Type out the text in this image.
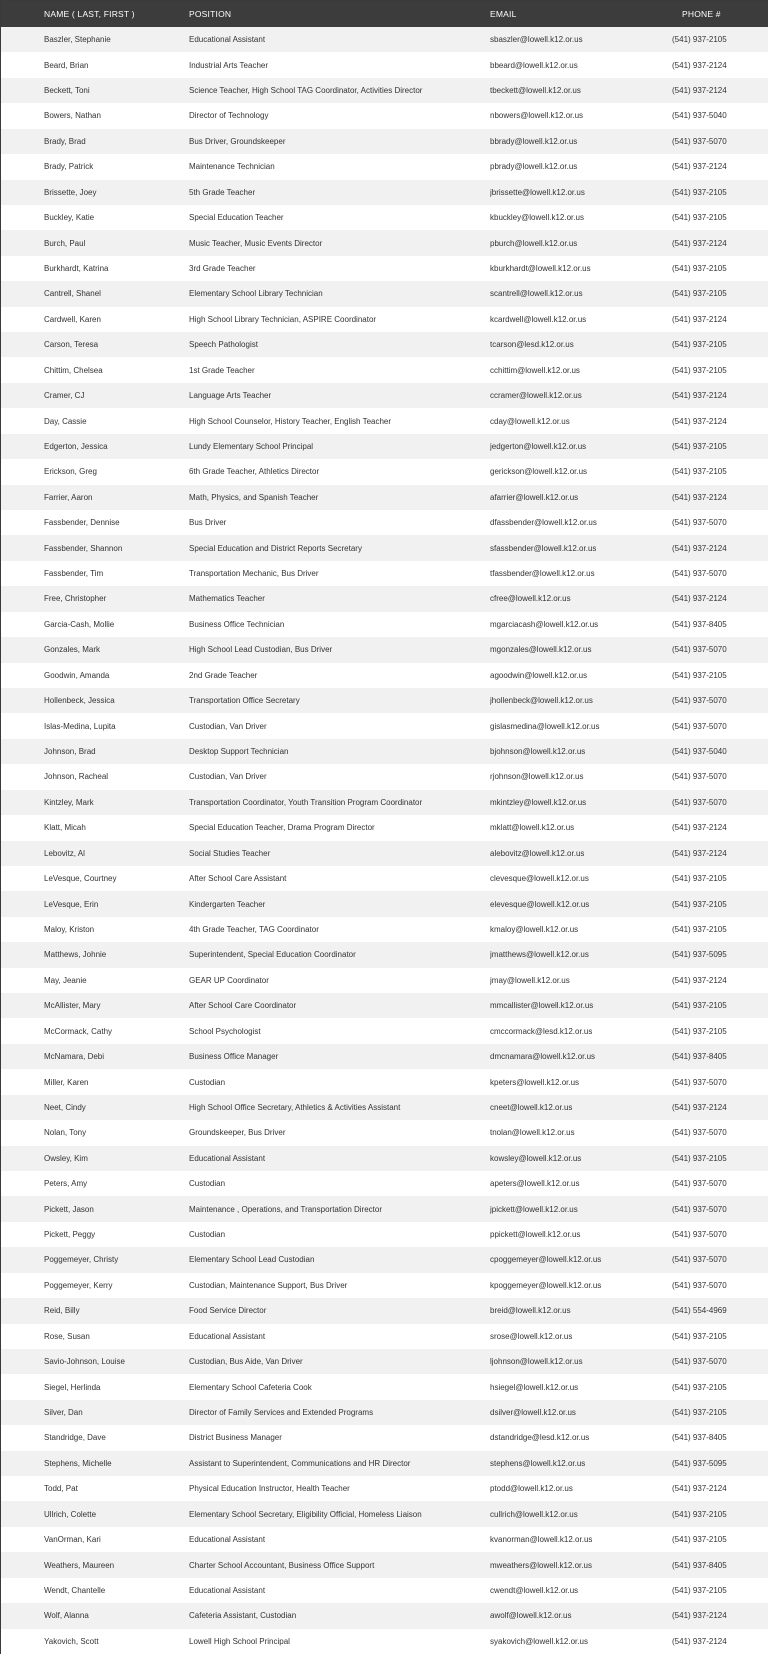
NAME ( LAST, FIRST )	POSITION	EMAIL	PHONE #
Baszler, Stephanie	Educational Assistant	sbaszler@lowell.k12.or.us	(541) 937-2105
Beard, Brian	Industrial Arts Teacher	bbeard@lowell.k12.or.us	(541) 937-2124
Beckett, Toni	Science Teacher, High School TAG Coordinator, Activities Director	tbeckett@lowell.k12.or.us	(541) 937-2124
Bowers, Nathan	Director of Technology	nbowers@lowell.k12.or.us	(541) 937-5040
Brady, Brad	Bus Driver, Groundskeeper	bbrady@lowell.k12.or.us	(541) 937-5070
Brady, Patrick	Maintenance Technician	pbrady@lowell.k12.or.us	(541) 937-2124
Brissette, Joey	5th Grade Teacher	jbrissette@lowell.k12.or.us	(541) 937-2105
Buckley, Katie	Special Education Teacher	kbuckley@lowell.k12.or.us	(541) 937-2105
Burch, Paul	Music Teacher, Music Events Director	pburch@lowell.k12.or.us	(541) 937-2124
Burkhardt, Katrina	3rd Grade Teacher	kburkhardt@lowell.k12.or.us	(541) 937-2105
Cantrell, Shanel	Elementary School Library Technician	scantrell@lowell.k12.or.us	(541) 937-2105
Cardwell, Karen	High School Library Technician, ASPIRE Coordinator	kcardwell@lowell.k12.or.us	(541) 937-2124
Carson, Teresa	Speech Pathologist	tcarson@lesd.k12.or.us	(541) 937-2105
Chittim, Chelsea	1st Grade Teacher	cchittim@lowell.k12.or.us	(541) 937-2105
Cramer, CJ	Language Arts Teacher	ccramer@lowell.k12.or.us	(541) 937-2124
Day, Cassie	High School Counselor, History Teacher, English Teacher	cday@lowell.k12.or.us	(541) 937-2124
Edgerton, Jessica	Lundy Elementary School Principal	jedgerton@lowell.k12.or.us	(541) 937-2105
Erickson, Greg	6th Grade Teacher, Athletics Director	gerickson@lowell.k12.or.us	(541) 937-2105
Farrier, Aaron	Math, Physics, and Spanish Teacher	afarrier@lowell.k12.or.us	(541) 937-2124
Fassbender, Dennise	Bus Driver	dfassbender@lowell.k12.or.us	(541) 937-5070
Fassbender, Shannon	Special Education and District Reports Secretary	sfassbender@lowell.k12.or.us	(541) 937-2124
Fassbender, Tim	Transportation Mechanic, Bus Driver	tfassbender@lowell.k12.or.us	(541) 937-5070
Free, Christopher	Mathematics Teacher	cfree@lowell.k12.or.us	(541) 937-2124
Garcia-Cash, Mollie	Business Office Technician	mgarciacash@lowell.k12.or.us	(541) 937-8405
Gonzales, Mark	High School Lead Custodian, Bus Driver	mgonzales@lowell.k12.or.us	(541) 937-5070
Goodwin, Amanda	2nd Grade Teacher	agoodwin@lowell.k12.or.us	(541) 937-2105
Hollenbeck, Jessica	Transportation Office Secretary	jhollenbeck@lowell.k12.or.us	(541) 937-5070
Islas-Medina, Lupita	Custodian, Van Driver	gislasmedina@lowell.k12.or.us	(541) 937-5070
Johnson, Brad	Desktop Support Technician	bjohnson@lowell.k12.or.us	(541) 937-5040
Johnson, Racheal	Custodian, Van Driver	rjohnson@lowell.k12.or.us	(541) 937-5070
Kintzley, Mark	Transportation Coordinator, Youth Transition Program Coordinator	mkintzley@lowell.k12.or.us	(541) 937-5070
Klatt, Micah	Special Education Teacher, Drama Program Director	mklatt@lowell.k12.or.us	(541) 937-2124
Lebovitz, Al	Social Studies Teacher	alebovitz@lowell.k12.or.us	(541) 937-2124
LeVesque, Courtney	After School Care Assistant	clevesque@lowell.k12.or.us	(541) 937-2105
LeVesque, Erin	Kindergarten Teacher	elevesque@lowell.k12.or.us	(541) 937-2105
Maloy, Kriston	4th Grade Teacher, TAG Coordinator	kmaloy@lowell.k12.or.us	(541) 937-2105
Matthews, Johnie	Superintendent, Special Education Coordinator	jmatthews@lowell.k12.or.us	(541) 937-5095
May, Jeanie	GEAR UP Coordinator	jmay@lowell.k12.or.us	(541) 937-2124
McAllister, Mary	After School Care Coordinator	mmcallister@lowell.k12.or.us	(541) 937-2105
McCormack, Cathy	School Psychologist	cmccormack@lesd.k12.or.us	(541) 937-2105
McNamara, Debi	Business Office Manager	dmcnamara@lowell.k12.or.us	(541) 937-8405
Miller, Karen	Custodian	kpeters@lowell.k12.or.us	(541) 937-5070
Neet, Cindy	High School Office Secretary, Athletics & Activities Assistant	cneet@lowell.k12.or.us	(541) 937-2124
Nolan, Tony	Groundskeeper, Bus Driver	tnolan@lowell.k12.or.us	(541) 937-5070
Owsley, Kim	Educational Assistant	kowsley@lowell.k12.or.us	(541) 937-2105
Peters, Amy	Custodian	apeters@lowell.k12.or.us	(541) 937-5070
Pickett, Jason	Maintenance , Operations, and Transportation Director	jpickett@lowell.k12.or.us	(541) 937-5070
Pickett, Peggy	Custodian	ppickett@lowell.k12.or.us	(541) 937-5070
Poggemeyer, Christy	Elementary School Lead Custodian	cpoggemeyer@lowell.k12.or.us	(541) 937-5070
Poggemeyer, Kerry	Custodian, Maintenance Support, Bus Driver	kpoggemeyer@lowell.k12.or.us	(541) 937-5070
Reid, Billy	Food Service Director	breid@lowell.k12.or.us	(541) 554-4969
Rose, Susan	Educational Assistant	srose@lowell.k12.or.us	(541) 937-2105
Savio-Johnson, Louise	Custodian, Bus Aide, Van Driver	ljohnson@lowell.k12.or.us	(541) 937-5070
Siegel, Herlinda	Elementary School Cafeteria Cook	hsiegel@lowell.k12.or.us	(541) 937-2105
Silver, Dan	Director of Family Services and Extended Programs	dsilver@lowell.k12.or.us	(541) 937-2105
Standridge, Dave	District Business Manager	dstandridge@lesd.k12.or.us	(541) 937-8405
Stephens, Michelle	Assistant to Superintendent, Communications and HR Director	stephens@lowell.k12.or.us	(541) 937-5095
Todd, Pat	Physical Education Instructor, Health Teacher	ptodd@lowell.k12.or.us	(541) 937-2124
Ullrich, Colette	Elementary School Secretary, Eligibility Official, Homeless Liaison	cullrich@lowell.k12.or.us	(541) 937-2105
VanOrman, Kari	Educational Assistant	kvanorman@lowell.k12.or.us	(541) 937-2105
Weathers, Maureen	Charter School Accountant, Business Office Support	mweathers@lowell.k12.or.us	(541) 937-8405
Wendt, Chantelle	Educational Assistant	cwendt@lowell.k12.or.us	(541) 937-2105
Wolf, Alanna	Cafeteria Assistant, Custodian	awolf@lowell.k12.or.us	(541) 937-2124
Yakovich, Scott	Lowell High School Principal	syakovich@lowell.k12.or.us	(541) 937-2124
